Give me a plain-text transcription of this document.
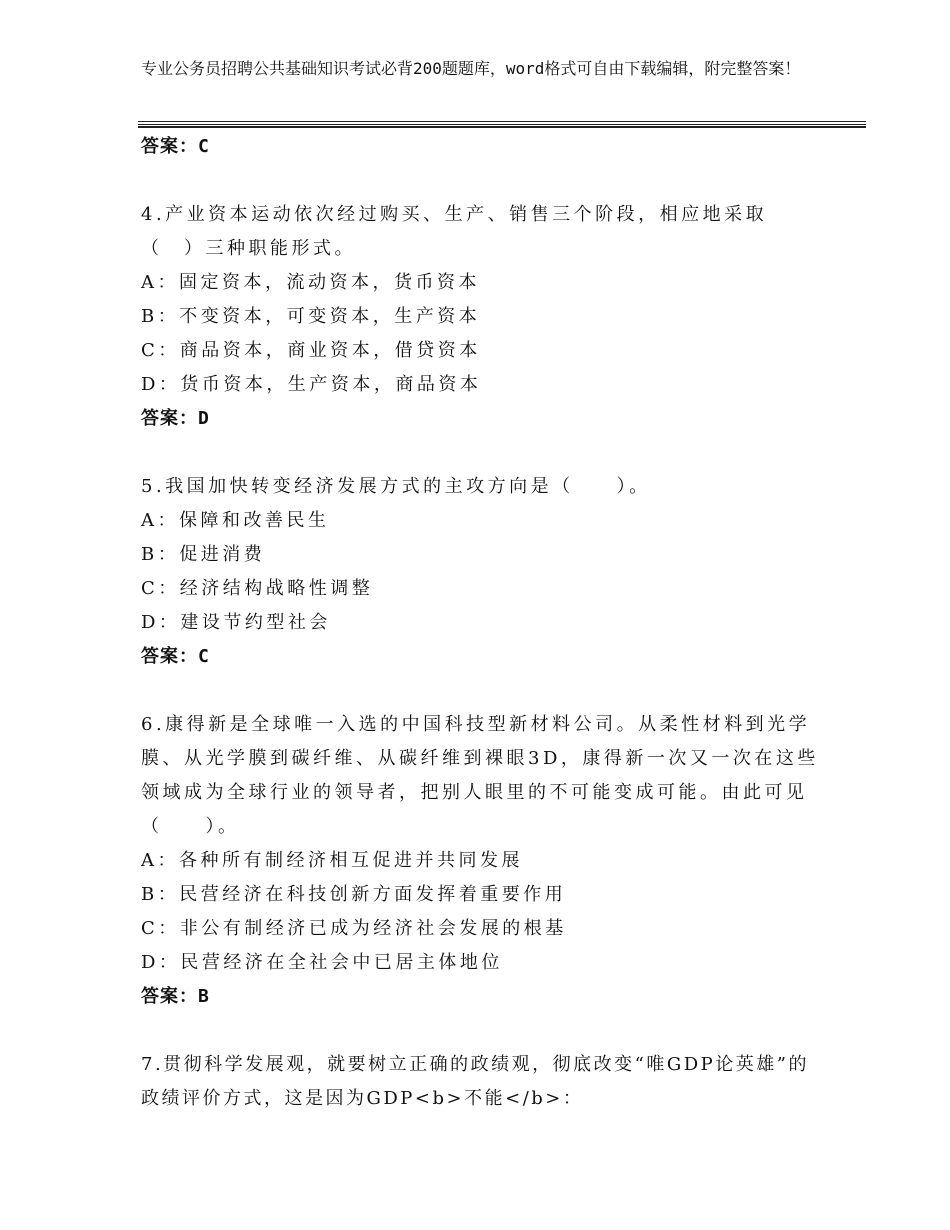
专业公务员招聘公共基础知识考试必背200题题库，word格式可自由下载编辑，附完整答案！

答案：C

4.产业资本运动依次经过购买、生产、销售三个阶段，相应地采取（　）三种职能形式。

A：固定资本，流动资本，货币资本

B：不变资本，可变资本，生产资本

C：商品资本，商业资本，借贷资本

D：货币资本，生产资本，商品资本

答案：D

5.我国加快转变经济发展方式的主攻方向是（　　）。

A：保障和改善民生

B：促进消费

C：经济结构战略性调整

D：建设节约型社会

答案：C

6.康得新是全球唯一入选的中国科技型新材料公司。从柔性材料到光学膜、从光学膜到碳纤维、从碳纤维到裸眼3D，康得新一次又一次在这些领域成为全球行业的领导者，把别人眼里的不可能变成可能。由此可见（　　）。

A：各种所有制经济相互促进并共同发展

B：民营经济在科技创新方面发挥着重要作用

C：非公有制经济已成为经济社会发展的根基

D：民营经济在全社会中已居主体地位

答案：B

7.贯彻科学发展观，就要树立正确的政绩观，彻底改变“唯GDP论英雄”的政绩评价方式，这是因为GDP<b>不能</b>：
